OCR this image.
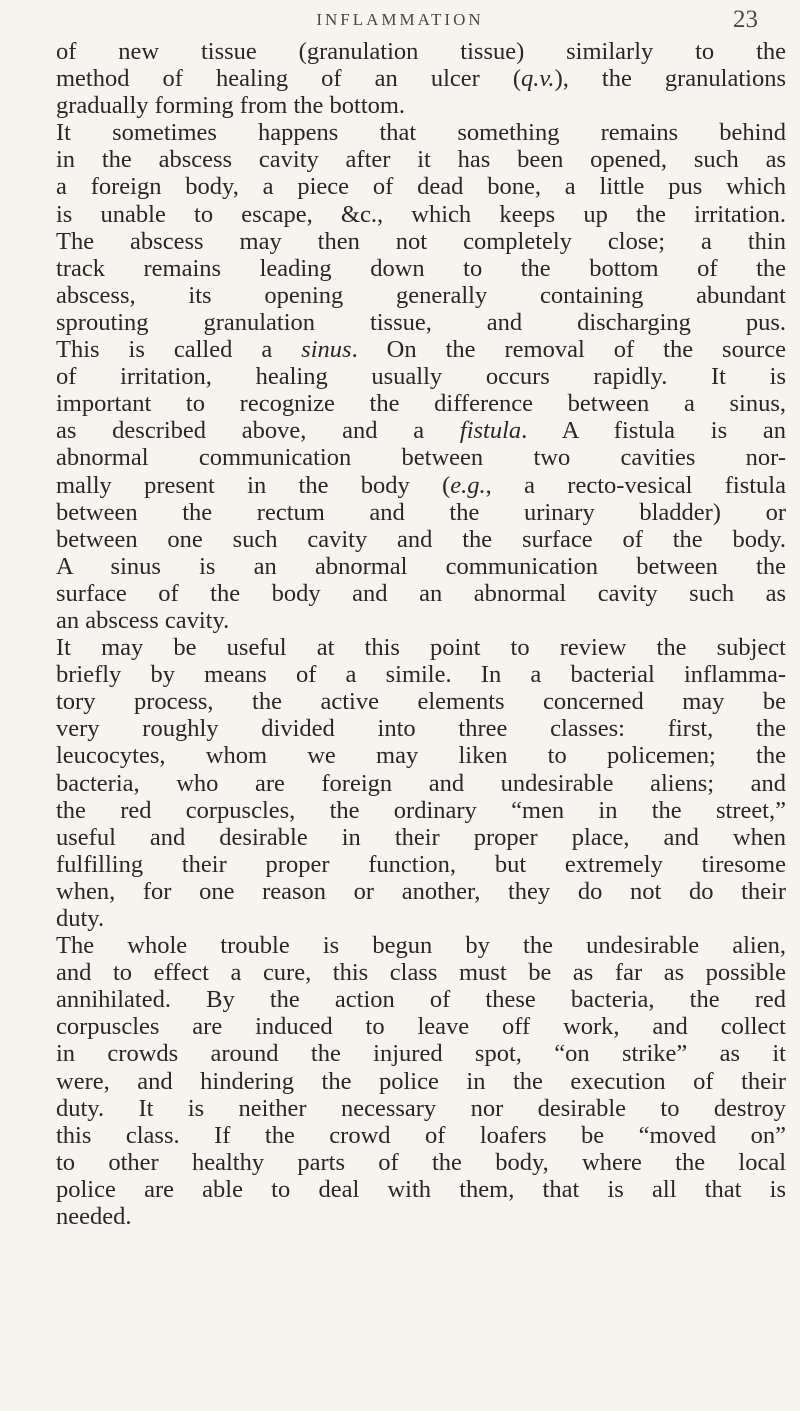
INFLAMMATION	23
of new tissue (granulation tissue) similarly to the
method of healing of an ulcer (q.v.), the granulations
gradually forming from the bottom.
It sometimes happens that something remains behind
in the abscess cavity after it has been opened, such as
a foreign body, a piece of dead bone, a little pus which
is unable to escape, &c., which keeps up the irritation.
The abscess may then not completely close; a thin
track remains leading down to the bottom of the
abscess, its opening generally containing abundant
sprouting granulation tissue, and discharging pus.
This is called a sinus. On the removal of the source
of irritation, healing usually occurs rapidly. It is
important to recognize the difference between a sinus,
as described above, and a fistula. A fistula is an
abnormal communication between two cavities nor-
mally present in the body (e.g., a recto-vesical fistula
between the rectum and the urinary bladder) or
between one such cavity and the surface of the body.
A sinus is an abnormal communication between the
surface of the body and an abnormal cavity such as
an abscess cavity.
It may be useful at this point to review the subject
briefly by means of a simile. In a bacterial inflamma-
tory process, the active elements concerned may be
very roughly divided into three classes: first, the
leucocytes, whom we may liken to policemen; the
bacteria, who are foreign and undesirable aliens; and
the red corpuscles, the ordinary “men in the street,”
useful and desirable in their proper place, and when
fulfilling their proper function, but extremely tiresome
when, for one reason or another, they do not do their
duty.
The whole trouble is begun by the undesirable alien,
and to effect a cure, this class must be as far as possible
annihilated. By the action of these bacteria, the red
corpuscles are induced to leave off work, and collect
in crowds around the injured spot, “on strike” as it
were, and hindering the police in the execution of their
duty. It is neither necessary nor desirable to destroy
this class. If the crowd of loafers be “moved on”
to other healthy parts of the body, where the local
police are able to deal with them, that is all that is
needed.
